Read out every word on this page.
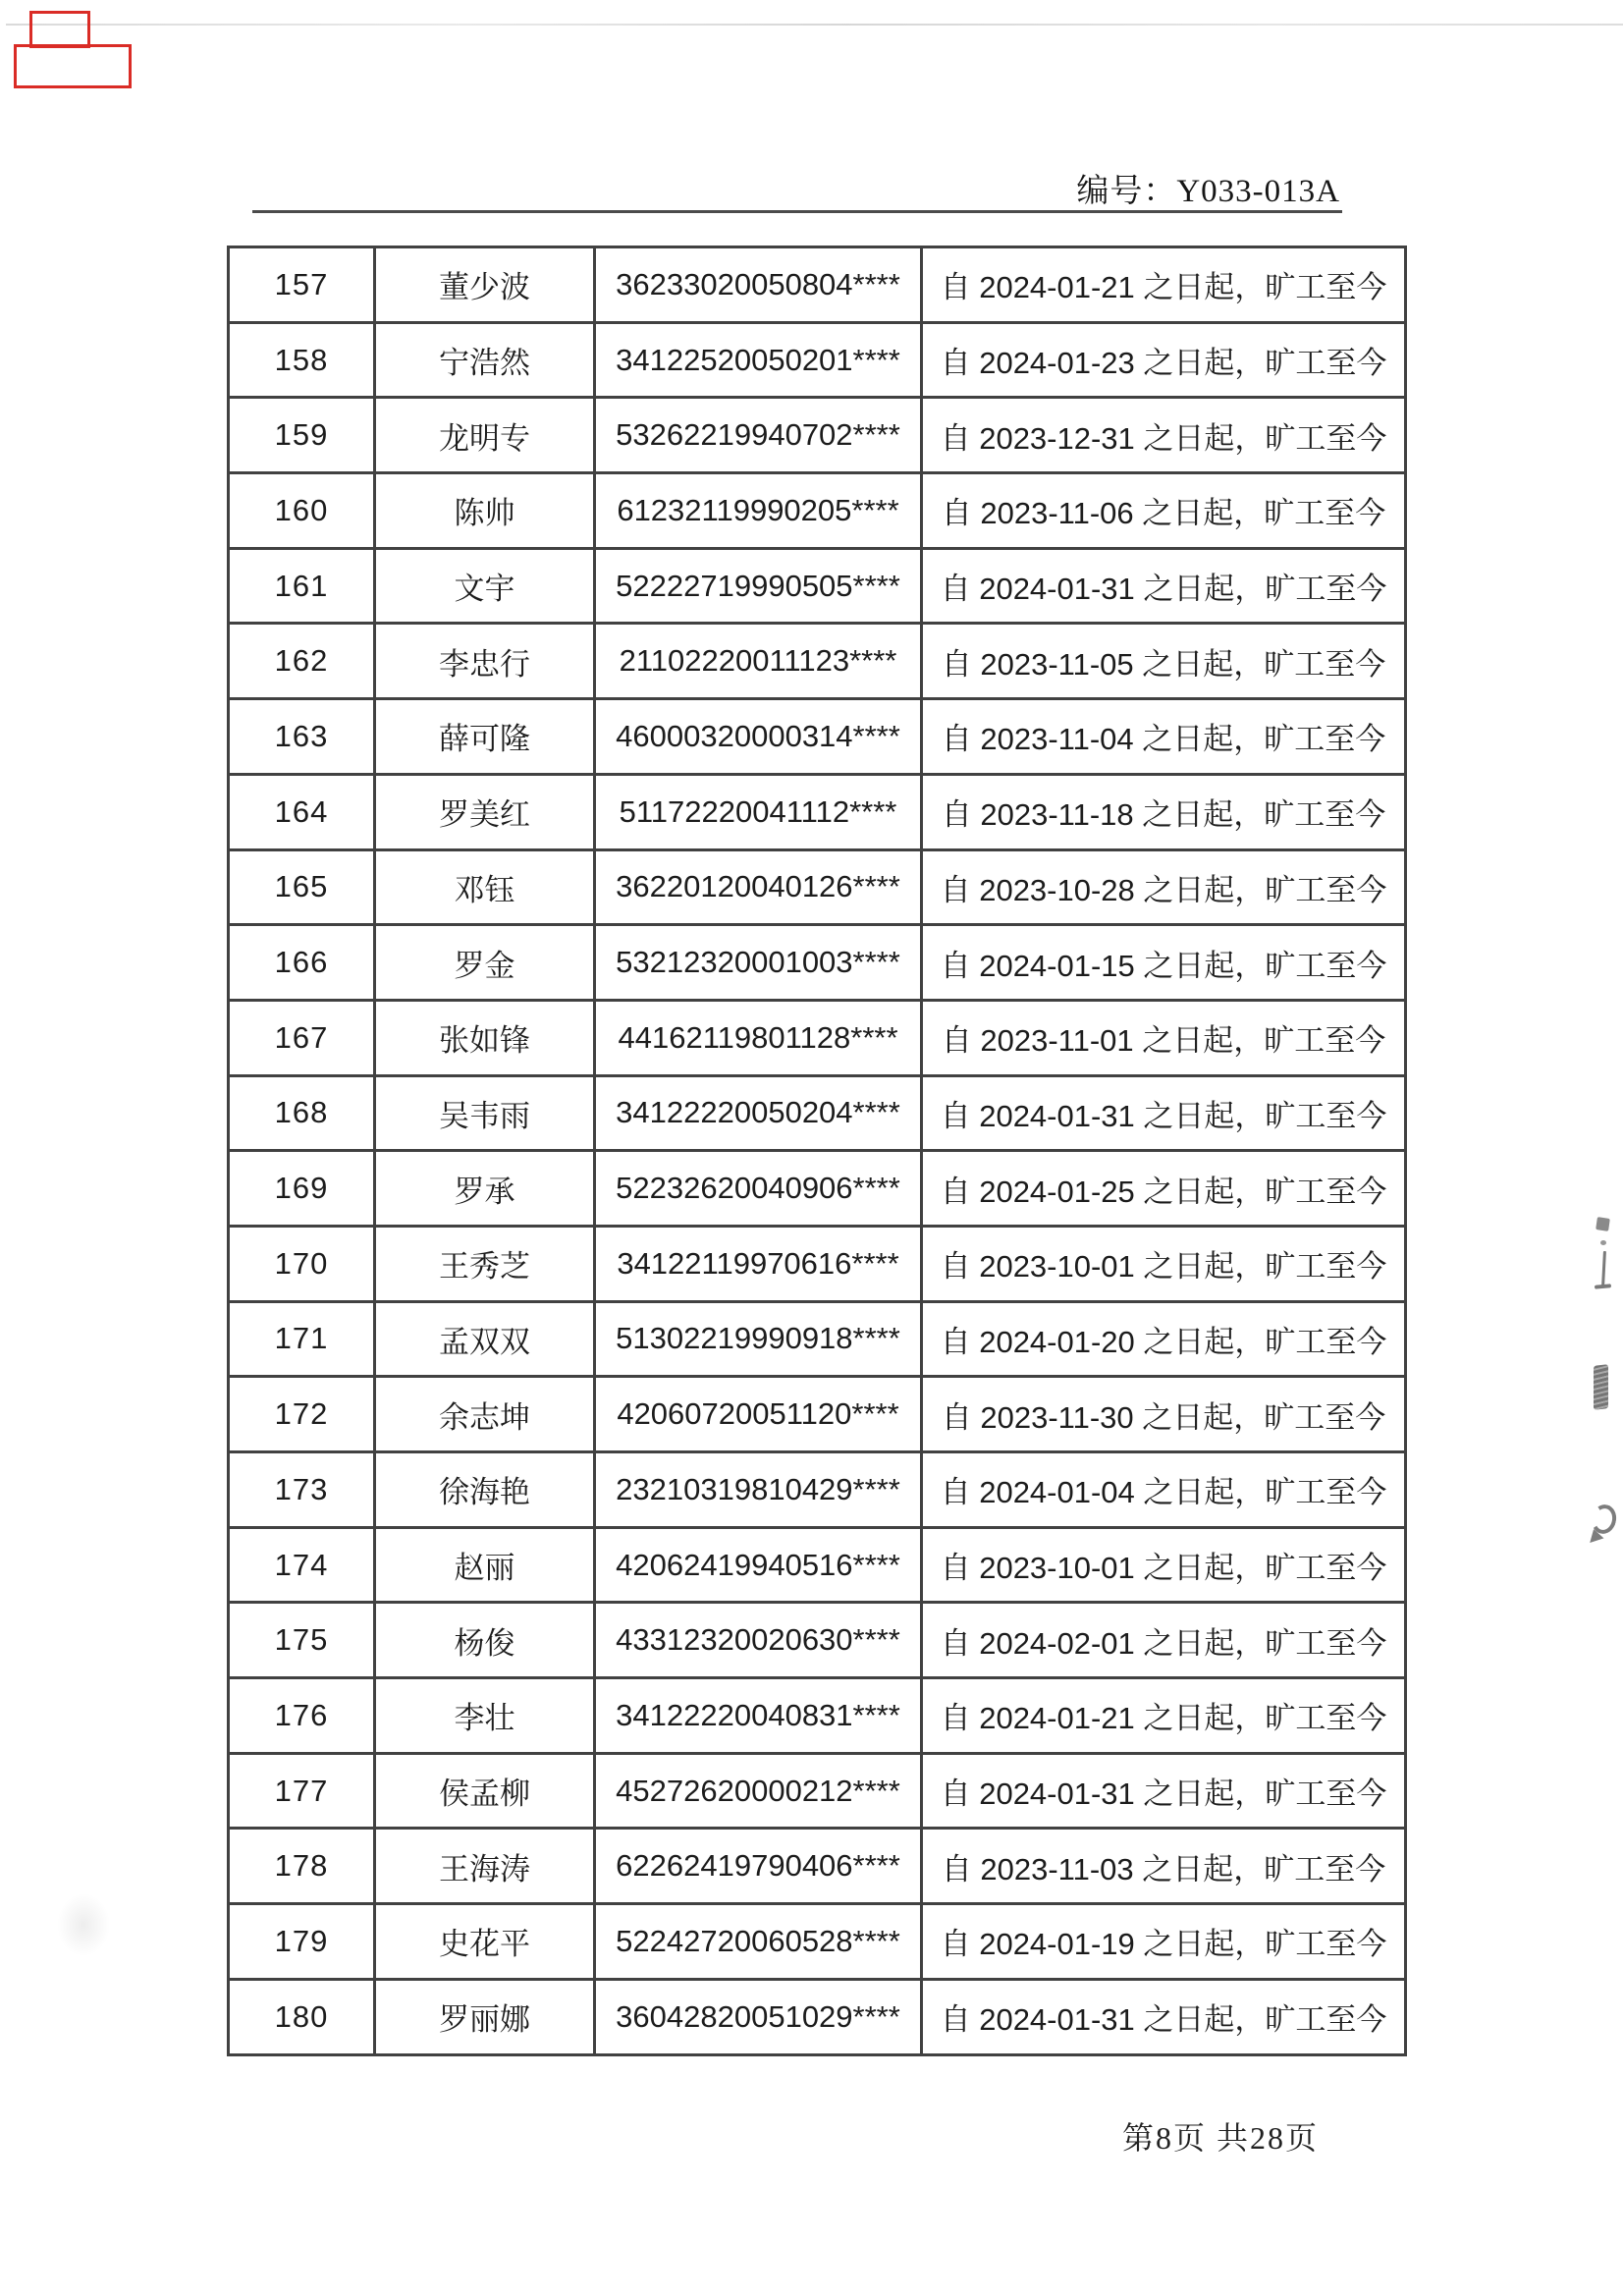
编号：Y033-013A
157	董少波	36233020050804****	自 2024-01-21 之日起，旷工至今
158	宁浩然	34122520050201****	自 2024-01-23 之日起，旷工至今
159	龙明专	53262219940702****	自 2023-12-31 之日起，旷工至今
160	陈帅	61232119990205****	自 2023-11-06 之日起，旷工至今
161	文宇	52222719990505****	自 2024-01-31 之日起，旷工至今
162	李忠行	21102220011123****	自 2023-11-05 之日起，旷工至今
163	薛可隆	46000320000314****	自 2023-11-04 之日起，旷工至今
164	罗美红	51172220041112****	自 2023-11-18 之日起，旷工至今
165	邓钰	36220120040126****	自 2023-10-28 之日起，旷工至今
166	罗金	53212320001003****	自 2024-01-15 之日起，旷工至今
167	张如锋	44162119801128****	自 2023-11-01 之日起，旷工至今
168	吴韦雨	34122220050204****	自 2024-01-31 之日起，旷工至今
169	罗承	52232620040906****	自 2024-01-25 之日起，旷工至今
170	王秀芝	34122119970616****	自 2023-10-01 之日起，旷工至今
171	孟双双	51302219990918****	自 2024-01-20 之日起，旷工至今
172	余志坤	42060720051120****	自 2023-11-30 之日起，旷工至今
173	徐海艳	23210319810429****	自 2024-01-04 之日起，旷工至今
174	赵丽	42062419940516****	自 2023-10-01 之日起，旷工至今
175	杨俊	43312320020630****	自 2024-02-01 之日起，旷工至今
176	李壮	34122220040831****	自 2024-01-21 之日起，旷工至今
177	侯孟柳	45272620000212****	自 2024-01-31 之日起，旷工至今
178	王海涛	62262419790406****	自 2023-11-03 之日起，旷工至今
179	史花平	52242720060528****	自 2024-01-19 之日起，旷工至今
180	罗丽娜	36042820051029****	自 2024-01-31 之日起，旷工至今
第8页 共28页
